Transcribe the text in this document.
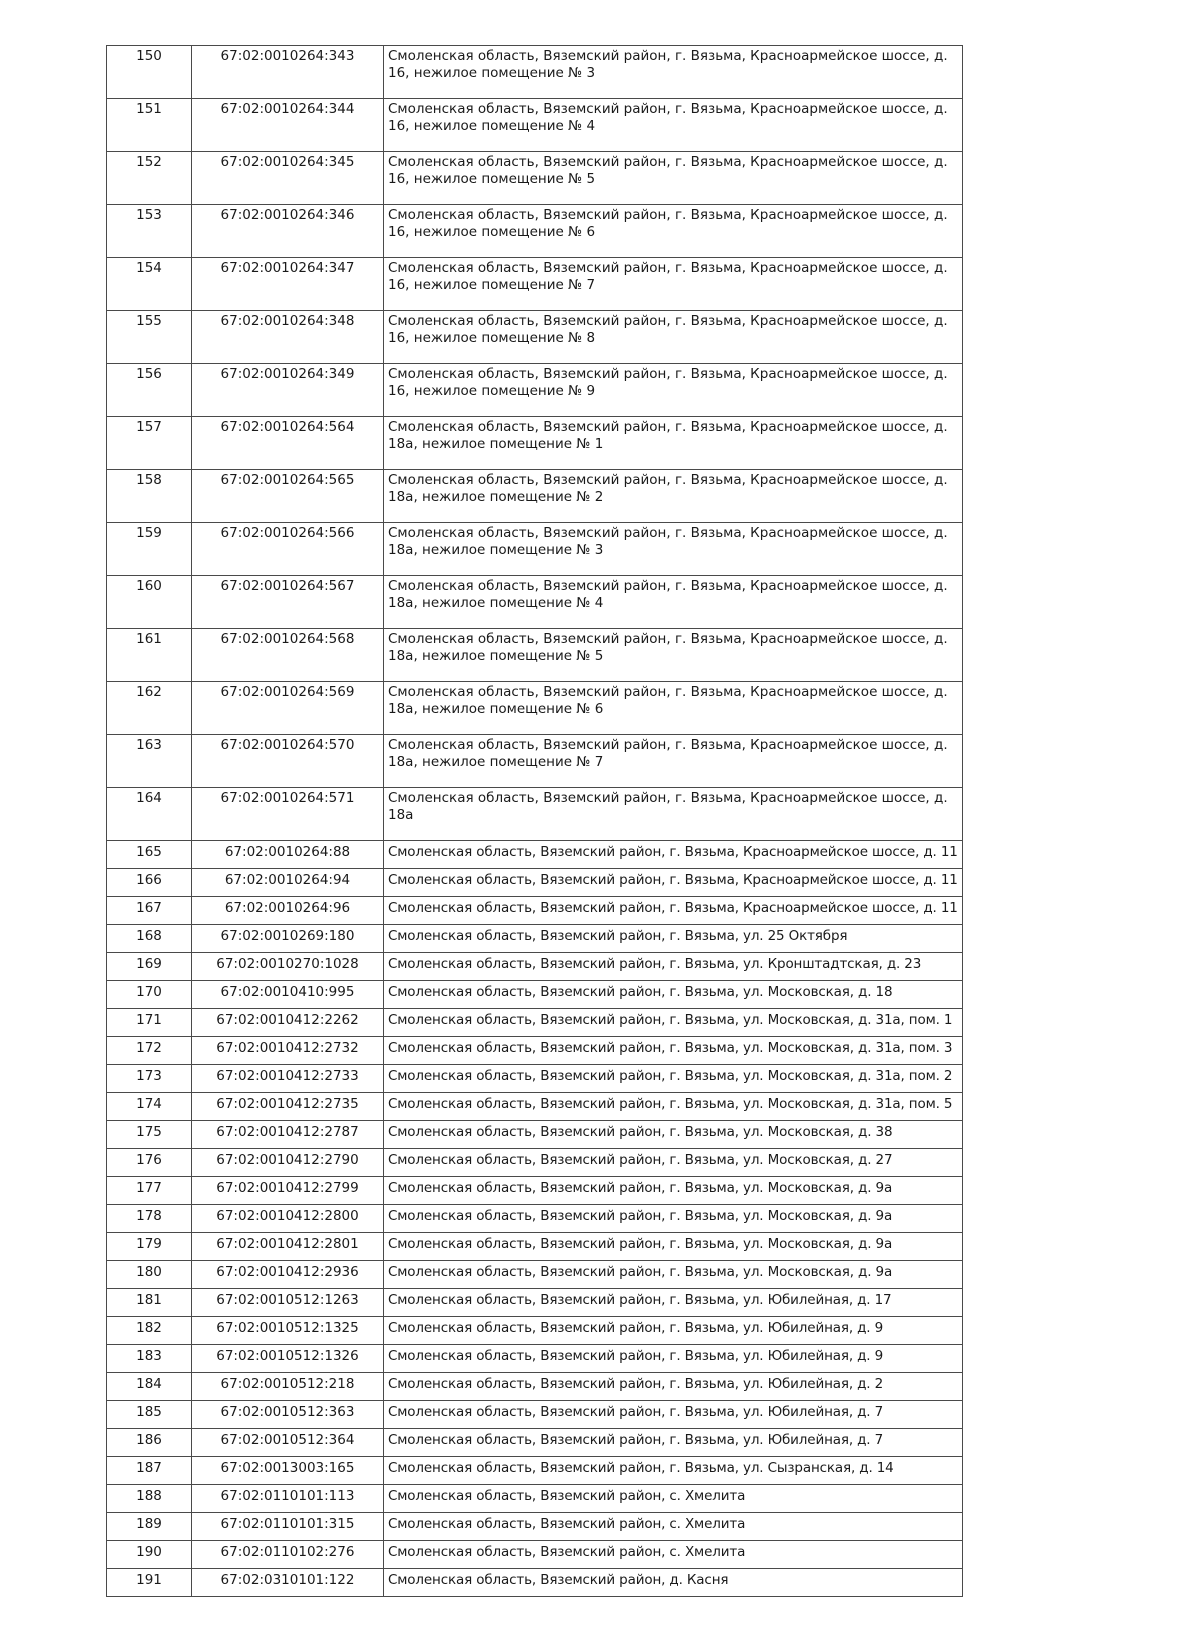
150	67:02:0010264:343	Смоленская область, Вяземский район, г. Вязьма, Красноармейское шоссе, д. 16, нежилое помещение № 3
151	67:02:0010264:344	Смоленская область, Вяземский район, г. Вязьма, Красноармейское шоссе, д. 16, нежилое помещение № 4
152	67:02:0010264:345	Смоленская область, Вяземский район, г. Вязьма, Красноармейское шоссе, д. 16, нежилое помещение № 5
153	67:02:0010264:346	Смоленская область, Вяземский район, г. Вязьма, Красноармейское шоссе, д. 16, нежилое помещение № 6
154	67:02:0010264:347	Смоленская область, Вяземский район, г. Вязьма, Красноармейское шоссе, д. 16, нежилое помещение № 7
155	67:02:0010264:348	Смоленская область, Вяземский район, г. Вязьма, Красноармейское шоссе, д. 16, нежилое помещение № 8
156	67:02:0010264:349	Смоленская область, Вяземский район, г. Вязьма, Красноармейское шоссе, д. 16, нежилое помещение № 9
157	67:02:0010264:564	Смоленская область, Вяземский район, г. Вязьма, Красноармейское шоссе, д. 18а, нежилое помещение № 1
158	67:02:0010264:565	Смоленская область, Вяземский район, г. Вязьма, Красноармейское шоссе, д. 18а, нежилое помещение № 2
159	67:02:0010264:566	Смоленская область, Вяземский район, г. Вязьма, Красноармейское шоссе, д. 18а, нежилое помещение № 3
160	67:02:0010264:567	Смоленская область, Вяземский район, г. Вязьма, Красноармейское шоссе, д. 18а, нежилое помещение № 4
161	67:02:0010264:568	Смоленская область, Вяземский район, г. Вязьма, Красноармейское шоссе, д. 18а, нежилое помещение № 5
162	67:02:0010264:569	Смоленская область, Вяземский район, г. Вязьма, Красноармейское шоссе, д. 18а, нежилое помещение № 6
163	67:02:0010264:570	Смоленская область, Вяземский район, г. Вязьма, Красноармейское шоссе, д. 18а, нежилое помещение № 7
164	67:02:0010264:571	Смоленская область, Вяземский район, г. Вязьма, Красноармейское шоссе, д. 18а
165	67:02:0010264:88	Смоленская область, Вяземский район, г. Вязьма, Красноармейское шоссе, д. 11
166	67:02:0010264:94	Смоленская область, Вяземский район, г. Вязьма, Красноармейское шоссе, д. 11
167	67:02:0010264:96	Смоленская область, Вяземский район, г. Вязьма, Красноармейское шоссе, д. 11
168	67:02:0010269:180	Смоленская область, Вяземский район, г. Вязьма, ул. 25 Октября
169	67:02:0010270:1028	Смоленская область, Вяземский район, г. Вязьма, ул. Кронштадтская, д. 23
170	67:02:0010410:995	Смоленская область, Вяземский район, г. Вязьма, ул. Московская, д. 18
171	67:02:0010412:2262	Смоленская область, Вяземский район, г. Вязьма, ул. Московская, д. 31а, пом. 1
172	67:02:0010412:2732	Смоленская область, Вяземский район, г. Вязьма, ул. Московская, д. 31а, пом. 3
173	67:02:0010412:2733	Смоленская область, Вяземский район, г. Вязьма, ул. Московская, д. 31а, пом. 2
174	67:02:0010412:2735	Смоленская область, Вяземский район, г. Вязьма, ул. Московская, д. 31а, пом. 5
175	67:02:0010412:2787	Смоленская область, Вяземский район, г. Вязьма, ул. Московская, д. 38
176	67:02:0010412:2790	Смоленская область, Вяземский район, г. Вязьма, ул. Московская, д. 27
177	67:02:0010412:2799	Смоленская область, Вяземский район, г. Вязьма, ул. Московская, д. 9а
178	67:02:0010412:2800	Смоленская область, Вяземский район, г. Вязьма, ул. Московская, д. 9а
179	67:02:0010412:2801	Смоленская область, Вяземский район, г. Вязьма, ул. Московская, д. 9а
180	67:02:0010412:2936	Смоленская область, Вяземский район, г. Вязьма, ул. Московская, д. 9а
181	67:02:0010512:1263	Смоленская область, Вяземский район, г. Вязьма, ул. Юбилейная, д. 17
182	67:02:0010512:1325	Смоленская область, Вяземский район, г. Вязьма, ул. Юбилейная, д. 9
183	67:02:0010512:1326	Смоленская область, Вяземский район, г. Вязьма, ул. Юбилейная, д. 9
184	67:02:0010512:218	Смоленская область, Вяземский район, г. Вязьма, ул. Юбилейная, д. 2
185	67:02:0010512:363	Смоленская область, Вяземский район, г. Вязьма, ул. Юбилейная, д. 7
186	67:02:0010512:364	Смоленская область, Вяземский район, г. Вязьма, ул. Юбилейная, д. 7
187	67:02:0013003:165	Смоленская область, Вяземский район, г. Вязьма, ул. Сызранская, д. 14
188	67:02:0110101:113	Смоленская область, Вяземский район, с. Хмелита
189	67:02:0110101:315	Смоленская область, Вяземский район, с. Хмелита
190	67:02:0110102:276	Смоленская область, Вяземский район, с. Хмелита
191	67:02:0310101:122	Смоленская область, Вяземский район, д. Касня
